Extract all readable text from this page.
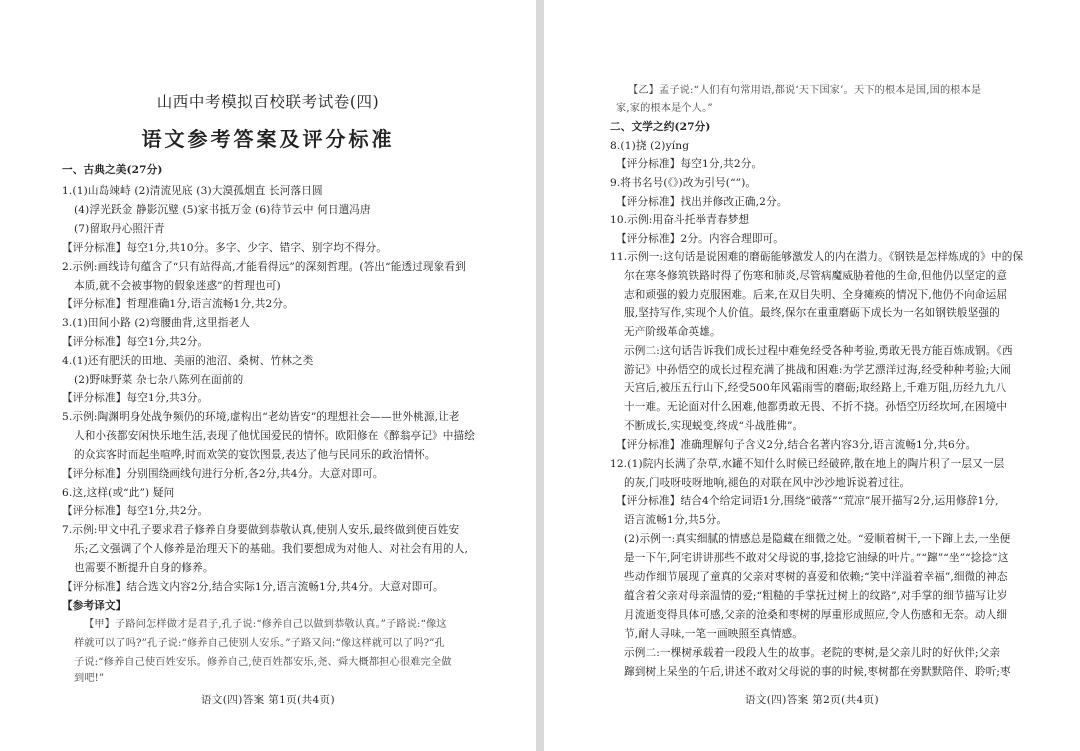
山西中考模拟百校联考试卷(四)
语文参考答案及评分标准
一、古典之美(27分)
1.(1)山岛竦峙 (2)清流见底 (3)大漠孤烟直 长河落日圆
(4)浮光跃金 静影沉璧 (5)家书抵万金 (6)待节云中 何日遣冯唐
(7)留取丹心照汗青
【评分标准】每空1分,共10分。多字、少字、错字、别字均不得分。
2.示例:画线诗句蕴含了“只有站得高,才能看得远”的深刻哲理。(答出“能透过现象看到
本质,就不会被事物的假象迷惑”的哲理也可)
【评分标准】哲理准确1分,语言流畅1分,共2分。
3.(1)田间小路 (2)弯腰曲背,这里指老人
【评分标准】每空1分,共2分。
4.(1)还有肥沃的田地、美丽的池沼、桑树、竹林之类
(2)野味野菜 杂七杂八陈列在面前的
【评分标准】每空1分,共3分。
5.示例:陶渊明身处战争频仍的环境,虚构出“老幼皆安”的理想社会——世外桃源,让老
人和小孩都安闲快乐地生活,表现了他忧国爱民的情怀。欧阳修在《醉翁亭记》中描绘
的众宾客时而起坐喧哗,时而欢笑的宴饮图景,表达了他与民同乐的政治情怀。
【评分标准】分别围绕画线句进行分析,各2分,共4分。大意对即可。
6.这,这样(或“此”) 疑问
【评分标准】每空1分,共2分。
7.示例:甲文中孔子要求君子修养自身要做到恭敬认真,使别人安乐,最终做到使百姓安
乐;乙文强调了个人修养是治理天下的基础。我们要想成为对他人、对社会有用的人,
也需要不断提升自身的修养。
【评分标准】结合选文内容2分,结合实际1分,语言流畅1分,共4分。大意对即可。
【参考译文】
【甲】子路问怎样做才是君子,孔子说:“修养自己以做到恭敬认真。”子路说:“像这
样就可以了吗?”孔子说:“修养自己使别人安乐。”子路又问:“像这样就可以了吗?”孔
子说:“修养自己使百姓安乐。修养自己,使百姓都安乐,尧、舜大概都担心很难完全做
到吧!”
语文(四)答案 第1页(共4页)
【乙】孟子说:“人们有句常用语,都说‘天下国家’。天下的根本是国,国的根本是
家,家的根本是个人。”
二、文学之约(27分)
8.(1)挠 (2)yíng
【评分标准】每空1分,共2分。
9.将书名号(《》)改为引号(“”)。
【评分标准】找出并修改正确,2分。
10.示例:用奋斗托举青春梦想
【评分标准】2分。内容合理即可。
11.示例一:这句话是说困难的磨砺能够激发人的内在潜力。《钢铁是怎样炼成的》中的保
尔在寒冬修筑铁路时得了伤寒和肺炎,尽管病魔威胁着他的生命,但他仍以坚定的意
志和顽强的毅力克服困难。后来,在双目失明、全身瘫痪的情况下,他仍不向命运屈
服,坚持写作,实现个人价值。最终,保尔在重重磨砺下成长为一名如钢铁般坚强的
无产阶级革命英雄。
示例二:这句话告诉我们成长过程中难免经受各种考验,勇敢无畏方能百炼成钢。《西
游记》中孙悟空的成长过程充满了挑战和困难:为学艺漂洋过海,经受种种考验;大闹
天宫后,被压五行山下,经受500年风霜雨雪的磨砺;取经路上,千难万阻,历经九九八
十一难。无论面对什么困难,他都勇敢无畏、不折不挠。孙悟空历经坎坷,在困境中
不断成长,实现蜕变,终成“斗战胜佛”。
【评分标准】准确理解句子含义2分,结合名著内容3分,语言流畅1分,共6分。
12.(1)院内长满了杂草,水罐不知什么时候已经破碎,散在地上的陶片积了一层又一层
的灰,门吱呀吱呀地响,褪色的对联在风中沙沙地诉说着过往。
【评分标准】结合4个给定词语1分,围绕“破落”“荒凉”展开描写2分,运用修辞1分,
语言流畅1分,共5分。
(2)示例一:真实细腻的情感总是隐藏在细微之处。“爱顺着树干,一下蹿上去,一坐便
是一下午,阿宅讲讲那些不敢对父母说的事,捻捻它油绿的叶片。”“蹿”“坐”“捻捻”这
些动作细节展现了童真的父亲对枣树的喜爱和依赖;“笑中洋溢着幸福”,细微的神态
蕴含着父亲对母亲温情的爱;“粗糙的手掌抚过树上的纹路”,对手掌的细节描写让岁
月流逝变得具体可感,父亲的沧桑和枣树的厚重形成照应,令人伤感和无奈。动人细
节,耐人寻味,一笔一画映照至真情感。
示例二:一棵树承载着一段段人生的故事。老院的枣树,是父亲儿时的好伙伴;父亲
蹿到树上呆坐的午后,讲述不敢对父母说的事的时候,枣树都在旁默默陪伴、聆听;枣
语文(四)答案 第2页(共4页)
